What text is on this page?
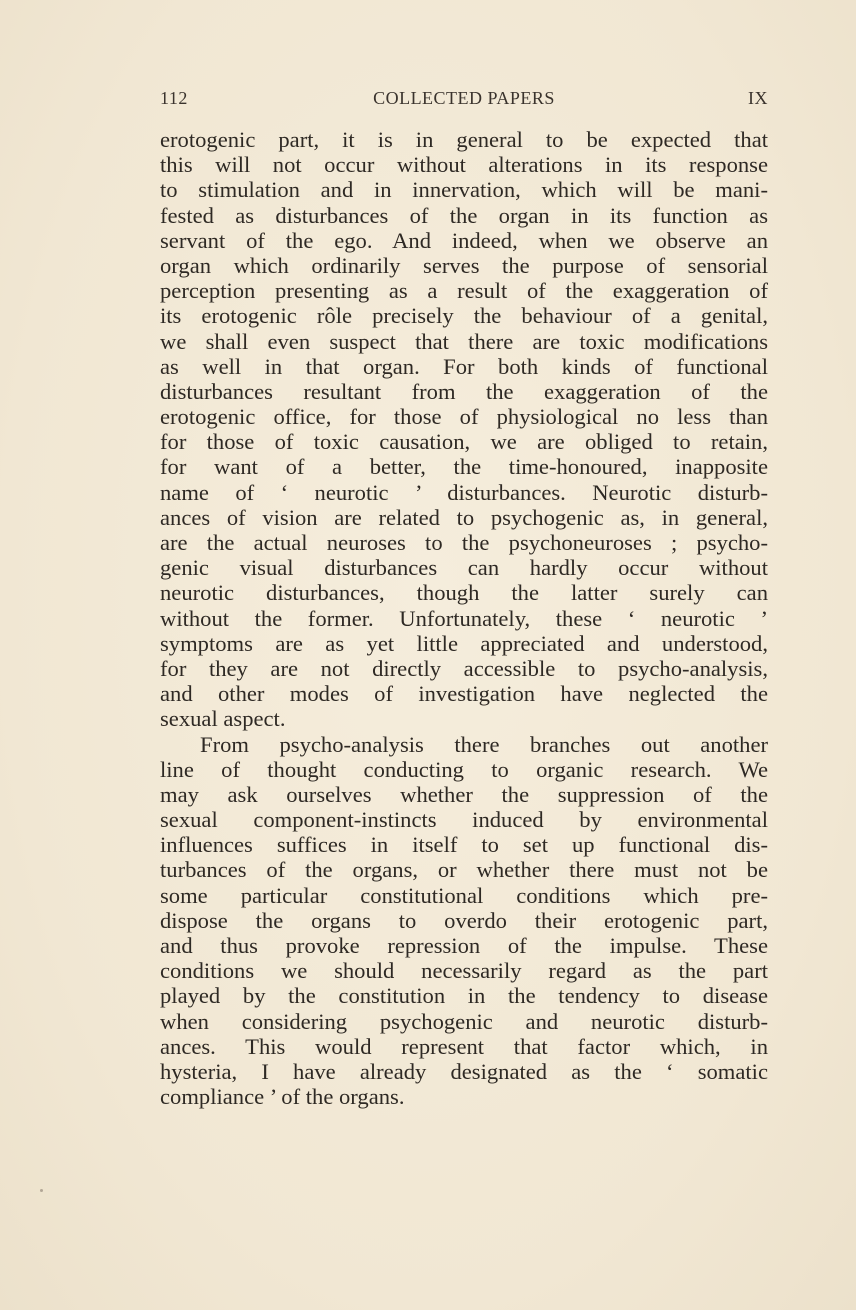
112	COLLECTED PAPERS	IX
erotogenic part, it is in general to be expected that
this will not occur without alterations in its response
to stimulation and in innervation, which will be mani-
fested as disturbances of the organ in its function as
servant of the ego. And indeed, when we observe an
organ which ordinarily serves the purpose of sensorial
perception presenting as a result of the exaggeration of
its erotogenic rôle precisely the behaviour of a genital,
we shall even suspect that there are toxic modifications
as well in that organ. For both kinds of functional
disturbances resultant from the exaggeration of the
erotogenic office, for those of physiological no less than
for those of toxic causation, we are obliged to retain,
for want of a better, the time-honoured, inapposite
name of ‘ neurotic ’ disturbances. Neurotic disturb-
ances of vision are related to psychogenic as, in general,
are the actual neuroses to the psychoneuroses ; psycho-
genic visual disturbances can hardly occur without
neurotic disturbances, though the latter surely can
without the former. Unfortunately, these ‘ neurotic ’
symptoms are as yet little appreciated and understood,
for they are not directly accessible to psycho-analysis,
and other modes of investigation have neglected the
sexual aspect.
From psycho-analysis there branches out another
line of thought conducting to organic research. We
may ask ourselves whether the suppression of the
sexual component-instincts induced by environmental
influences suffices in itself to set up functional dis-
turbances of the organs, or whether there must not be
some particular constitutional conditions which pre-
dispose the organs to overdo their erotogenic part,
and thus provoke repression of the impulse. These
conditions we should necessarily regard as the part
played by the constitution in the tendency to disease
when considering psychogenic and neurotic disturb-
ances. This would represent that factor which, in
hysteria, I have already designated as the ‘ somatic
compliance ’ of the organs.
